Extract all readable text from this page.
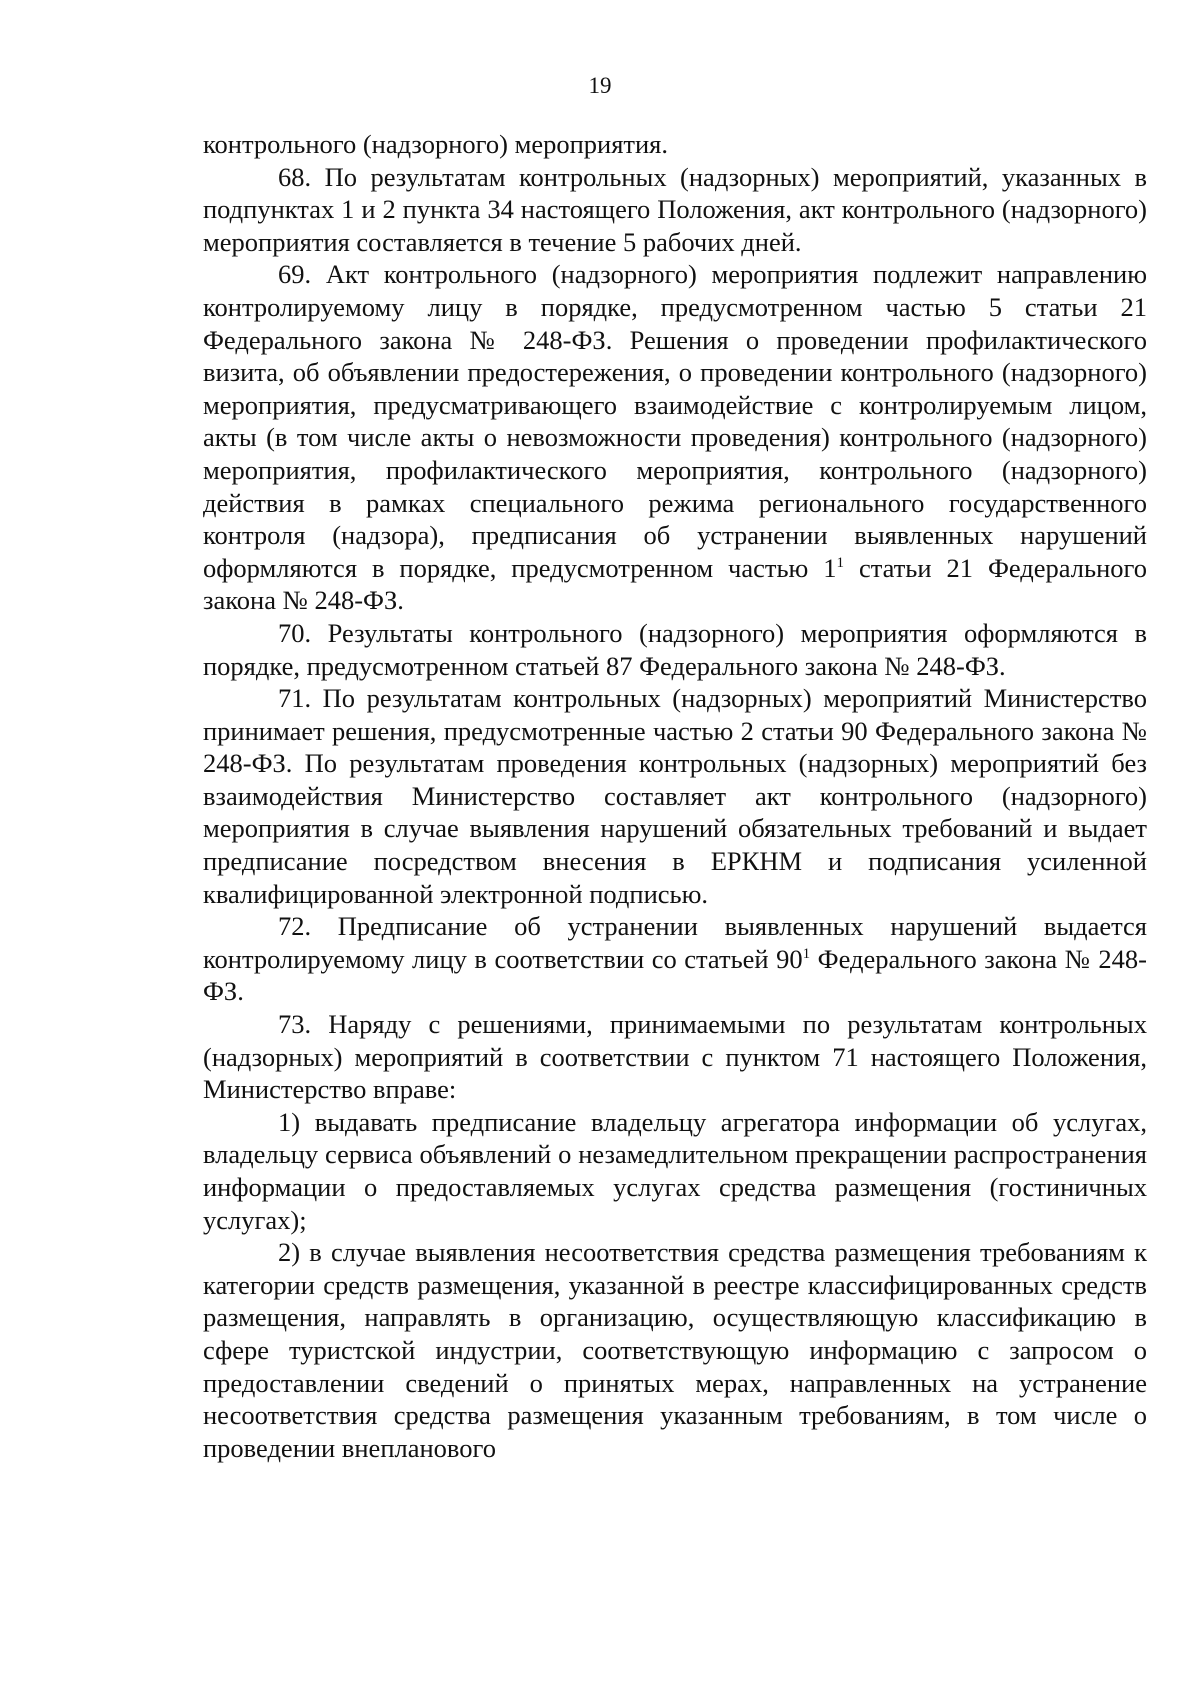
19

контрольного (надзорного) мероприятия.

68. По результатам контрольных (надзорных) мероприятий, указанных в подпунктах 1 и 2 пункта 34 настоящего Положения, акт контрольного (надзорного) мероприятия составляется в течение 5 рабочих дней.

69. Акт контрольного (надзорного) мероприятия подлежит направлению контролируемому лицу в порядке, предусмотренном частью 5 статьи 21 Федерального закона № 248-ФЗ. Решения о проведении профилактического визита, об объявлении предостережения, о проведении контрольного (надзорного) мероприятия, предусматривающего взаимодействие с контролируемым лицом, акты (в том числе акты о невозможности проведения) контрольного (надзорного) мероприятия, профилактического мероприятия, контрольного (надзорного) действия в рамках специального режима регионального государственного контроля (надзора), предписания об устранении выявленных нарушений оформляются в порядке, предусмотренном частью $1^1$ статьи 21 Федерального закона № 248-ФЗ.

70. Результаты контрольного (надзорного) мероприятия оформляются в порядке, предусмотренном статьей 87 Федерального закона № 248-ФЗ.

71. По результатам контрольных (надзорных) мероприятий Министерство принимает решения, предусмотренные частью 2 статьи 90 Федерального закона № 248-ФЗ. По результатам проведения контрольных (надзорных) мероприятий без взаимодействия Министерство составляет акт контрольного (надзорного) мероприятия в случае выявления нарушений обязательных требований и выдает предписание посредством внесения в ЕРКНМ и подписания усиленной квалифицированной электронной подписью.

72. Предписание об устранении выявленных нарушений выдается контролируемому лицу в соответствии со статьей $90^1$ Федерального закона № 248-ФЗ.

73. Наряду с решениями, принимаемыми по результатам контрольных (надзорных) мероприятий в соответствии с пунктом 71 настоящего Положения, Министерство вправе:

1) выдавать предписание владельцу агрегатора информации об услугах, владельцу сервиса объявлений о незамедлительном прекращении распространения информации о предоставляемых услугах средства размещения (гостиничных услугах);

2) в случае выявления несоответствия средства размещения требованиям к категории средств размещения, указанной в реестре классифицированных средств размещения, направлять в организацию, осуществляющую классификацию в сфере туристской индустрии, соответствующую информацию с запросом о предоставлении сведений о принятых мерах, направленных на устранение несоответствия средства размещения указанным требованиям, в том числе о проведении внепланового
